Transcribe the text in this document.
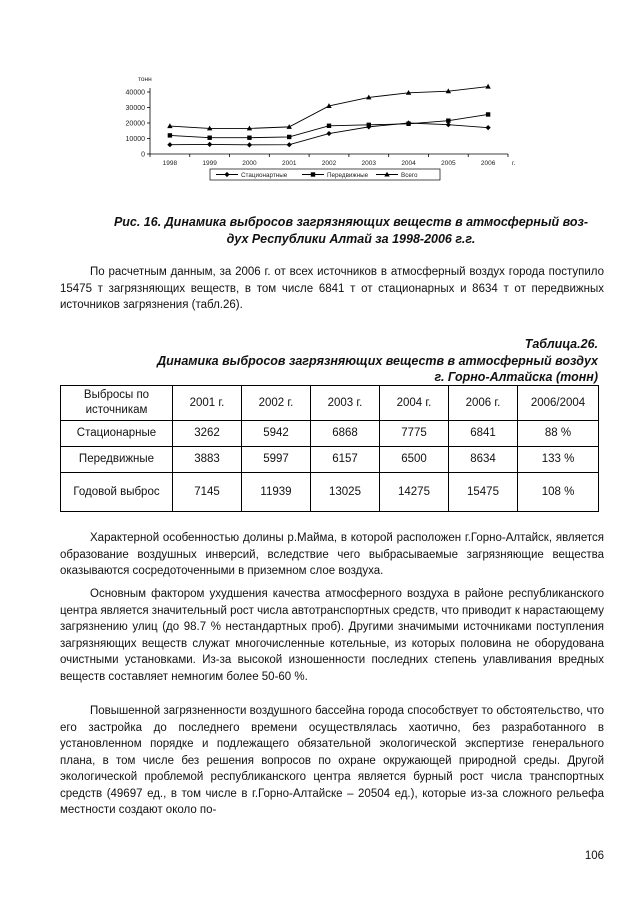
тонн
0
10000
20000
30000
40000
1998	1999	2000	2001	2002	2003	2004	2005	2006	г.
Стационартные	Передвижные	Всего
Рис. 16. Динамика выбросов загрязняющих веществ в атмосферный воз-
дух Республики Алтай за 1998-2006 г.г.

По расчетным данным, за 2006 г. от всех источников в атмосферный воздух города поступило 15475 т загрязняющих веществ, в том числе 6841 т от стационарных и 8634 т от передвижных источников загрязнения (табл.26).

Таблица.26.
Динамика выбросов загрязняющих веществ в атмосферный воздух
г. Горно-Алтайска (тонн)
Выбросы по источникам	2001 г.	2002 г.	2003 г.	2004 г.	2006 г.	2006/2004
Стационарные	3262	5942	6868	7775	6841	88 %
Передвижные	3883	5997	6157	6500	8634	133 %
Годовой выброс	7145	11939	13025	14275	15475	108 %

Характерной особенностью долины р.Майма, в которой расположен г.Горно-Алтайск, является образование воздушных инверсий, вследствие чего выбрасываемые загрязняющие вещества оказываются сосредоточенными в приземном слое воздуха.

Основным фактором ухудшения качества атмосферного воздуха в районе республиканского центра является значительный рост числа автотранспортных средств, что приводит к нарастающему загрязнению улиц (до 98.7 % нестандартных проб). Другими значимыми источниками поступления загрязняющих веществ служат многочисленные котельные, из которых половина не оборудована очистными установками. Из-за высокой изношенности последних степень улавливания вредных веществ составляет немногим более 50-60 %.

Повышенной загрязненности воздушного бассейна города способствует то обстоятельство, что его застройка до последнего времени осуществлялась хаотично, без разработанного в установленном порядке и подлежащего обязательной экологической экспертизе генерального плана, в том числе без решения вопросов по охране окружающей природной среды. Другой экологической проблемой республиканского центра является бурный рост числа транспортных средств (49697 ед., в том числе в г.Горно-Алтайске – 20504 ед.), которые из-за сложного рельефа местности создают около по-

106
